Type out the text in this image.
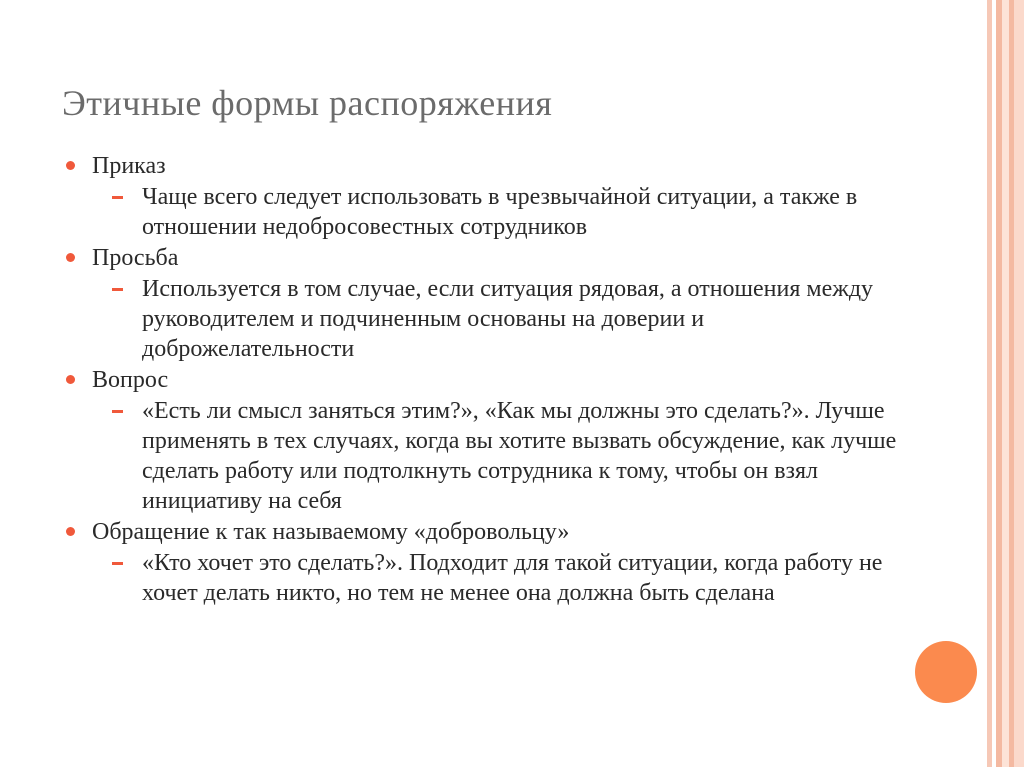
Этичные формы распоряжения
Приказ
Чаще всего следует использовать в чрезвычайной ситуации, а также в отношении недобросовестных сотрудников
Просьба
Используется в том случае, если ситуация рядовая, а отношения между руководителем и подчиненным основаны на доверии и доброжелательности
Вопрос
«Есть ли смысл заняться этим?», «Как мы должны это сделать?». Лучше применять в тех случаях, когда вы хотите вызвать обсуждение, как лучше сделать работу или подтолкнуть сотрудника к тому, чтобы он взял инициативу на себя
Обращение к так называемому «добровольцу»
«Кто хочет это сделать?». Подходит для такой ситуации, когда работу не хочет делать никто, но тем не менее она должна быть сделана
